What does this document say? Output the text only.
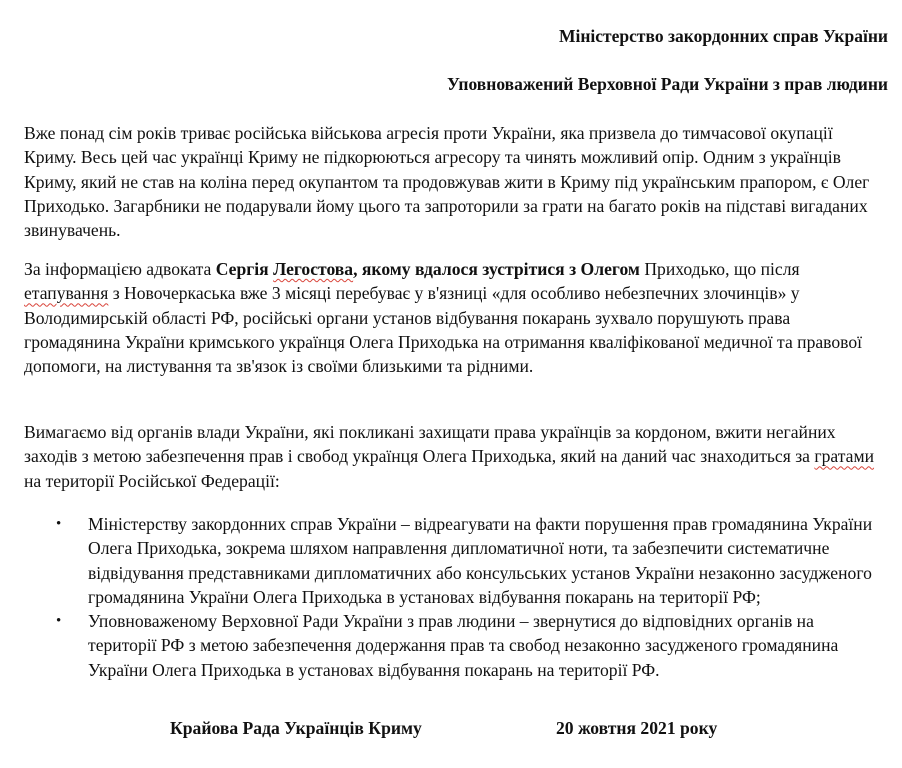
Міністерство закордонних справ України
Уповноважений Верховної Ради України з прав людини

Вже понад сім років триває російська військова агресія проти України, яка призвела до тимчасової окупації Криму. Весь цей час українці Криму не підкорюються агресору та чинять можливий опір. Одним з українців Криму, який не став на коліна перед окупантом та продовжував жити в Криму під українським прапором, є Олег Приходько. Загарбники не подарували йому цього та запроторили за грати на багато років на підставі вигаданих звинувачень.

За інформацією адвоката Сергія Легостова, якому вдалося зустрітися з Олегом Приходько, що після етапування з Новочеркаська вже 3 місяці перебуває у в'язниці «для особливо небезпечних злочинців» у Володимирській області РФ, російські органи установ відбування покарань зухвало порушують права громадянина України кримського українця Олега Приходька на отримання кваліфікованої медичної та правової допомоги, на листування та зв'язок із своїми близькими та рідними.

Вимагаємо від органів влади України, які покликані захищати права українців за кордоном, вжити негайних заходів з метою забезпечення прав і свобод українця Олега Приходька, який на даний час знаходиться за гратами на території Російської Федерації:

• Міністерству закордонних справ України – відреагувати на факти порушення прав громадянина України Олега Приходька, зокрема шляхом направлення дипломатичної ноти, та забезпечити систематичне відвідування представниками дипломатичних або консульських установ України незаконно засудженого громадянина України Олега Приходька в установах відбування покарань на території РФ;
• Уповноваженому Верховної Ради України з прав людини – звернутися до відповідних органів на території РФ з метою забезпечення додержання прав та свобод незаконно засудженого громадянина України Олега Приходька в установах відбування покарань на території РФ.
Крайова Рада Українців Криму	20 жовтня 2021 року
